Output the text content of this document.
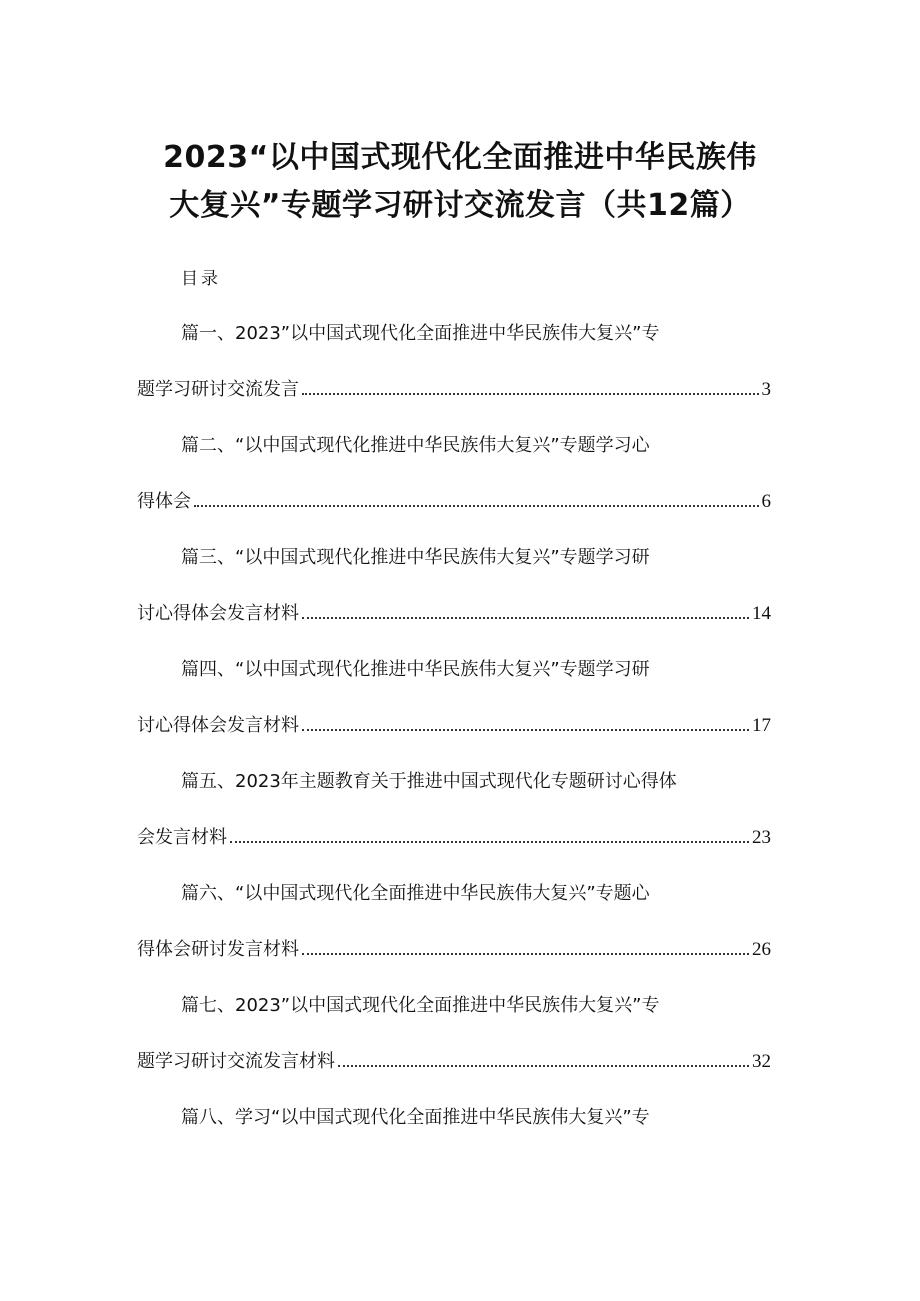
2023“以中国式现代化全面推进中华民族伟
大复兴”专题学习研讨交流发言（共12篇）
目录
篇一、2023”以中国式现代化全面推进中华民族伟大复兴”专
题学习研讨交流发言	3
篇二、“以中国式现代化推进中华民族伟大复兴”专题学习心
得体会	6
篇三、“以中国式现代化推进中华民族伟大复兴”专题学习研
讨心得体会发言材料	14
篇四、“以中国式现代化推进中华民族伟大复兴”专题学习研
讨心得体会发言材料	17
篇五、2023年主题教育关于推进中国式现代化专题研讨心得体
会发言材料	23
篇六、“以中国式现代化全面推进中华民族伟大复兴”专题心
得体会研讨发言材料	26
篇七、2023”以中国式现代化全面推进中华民族伟大复兴”专
题学习研讨交流发言材料	32
篇八、学习“以中国式现代化全面推进中华民族伟大复兴”专
